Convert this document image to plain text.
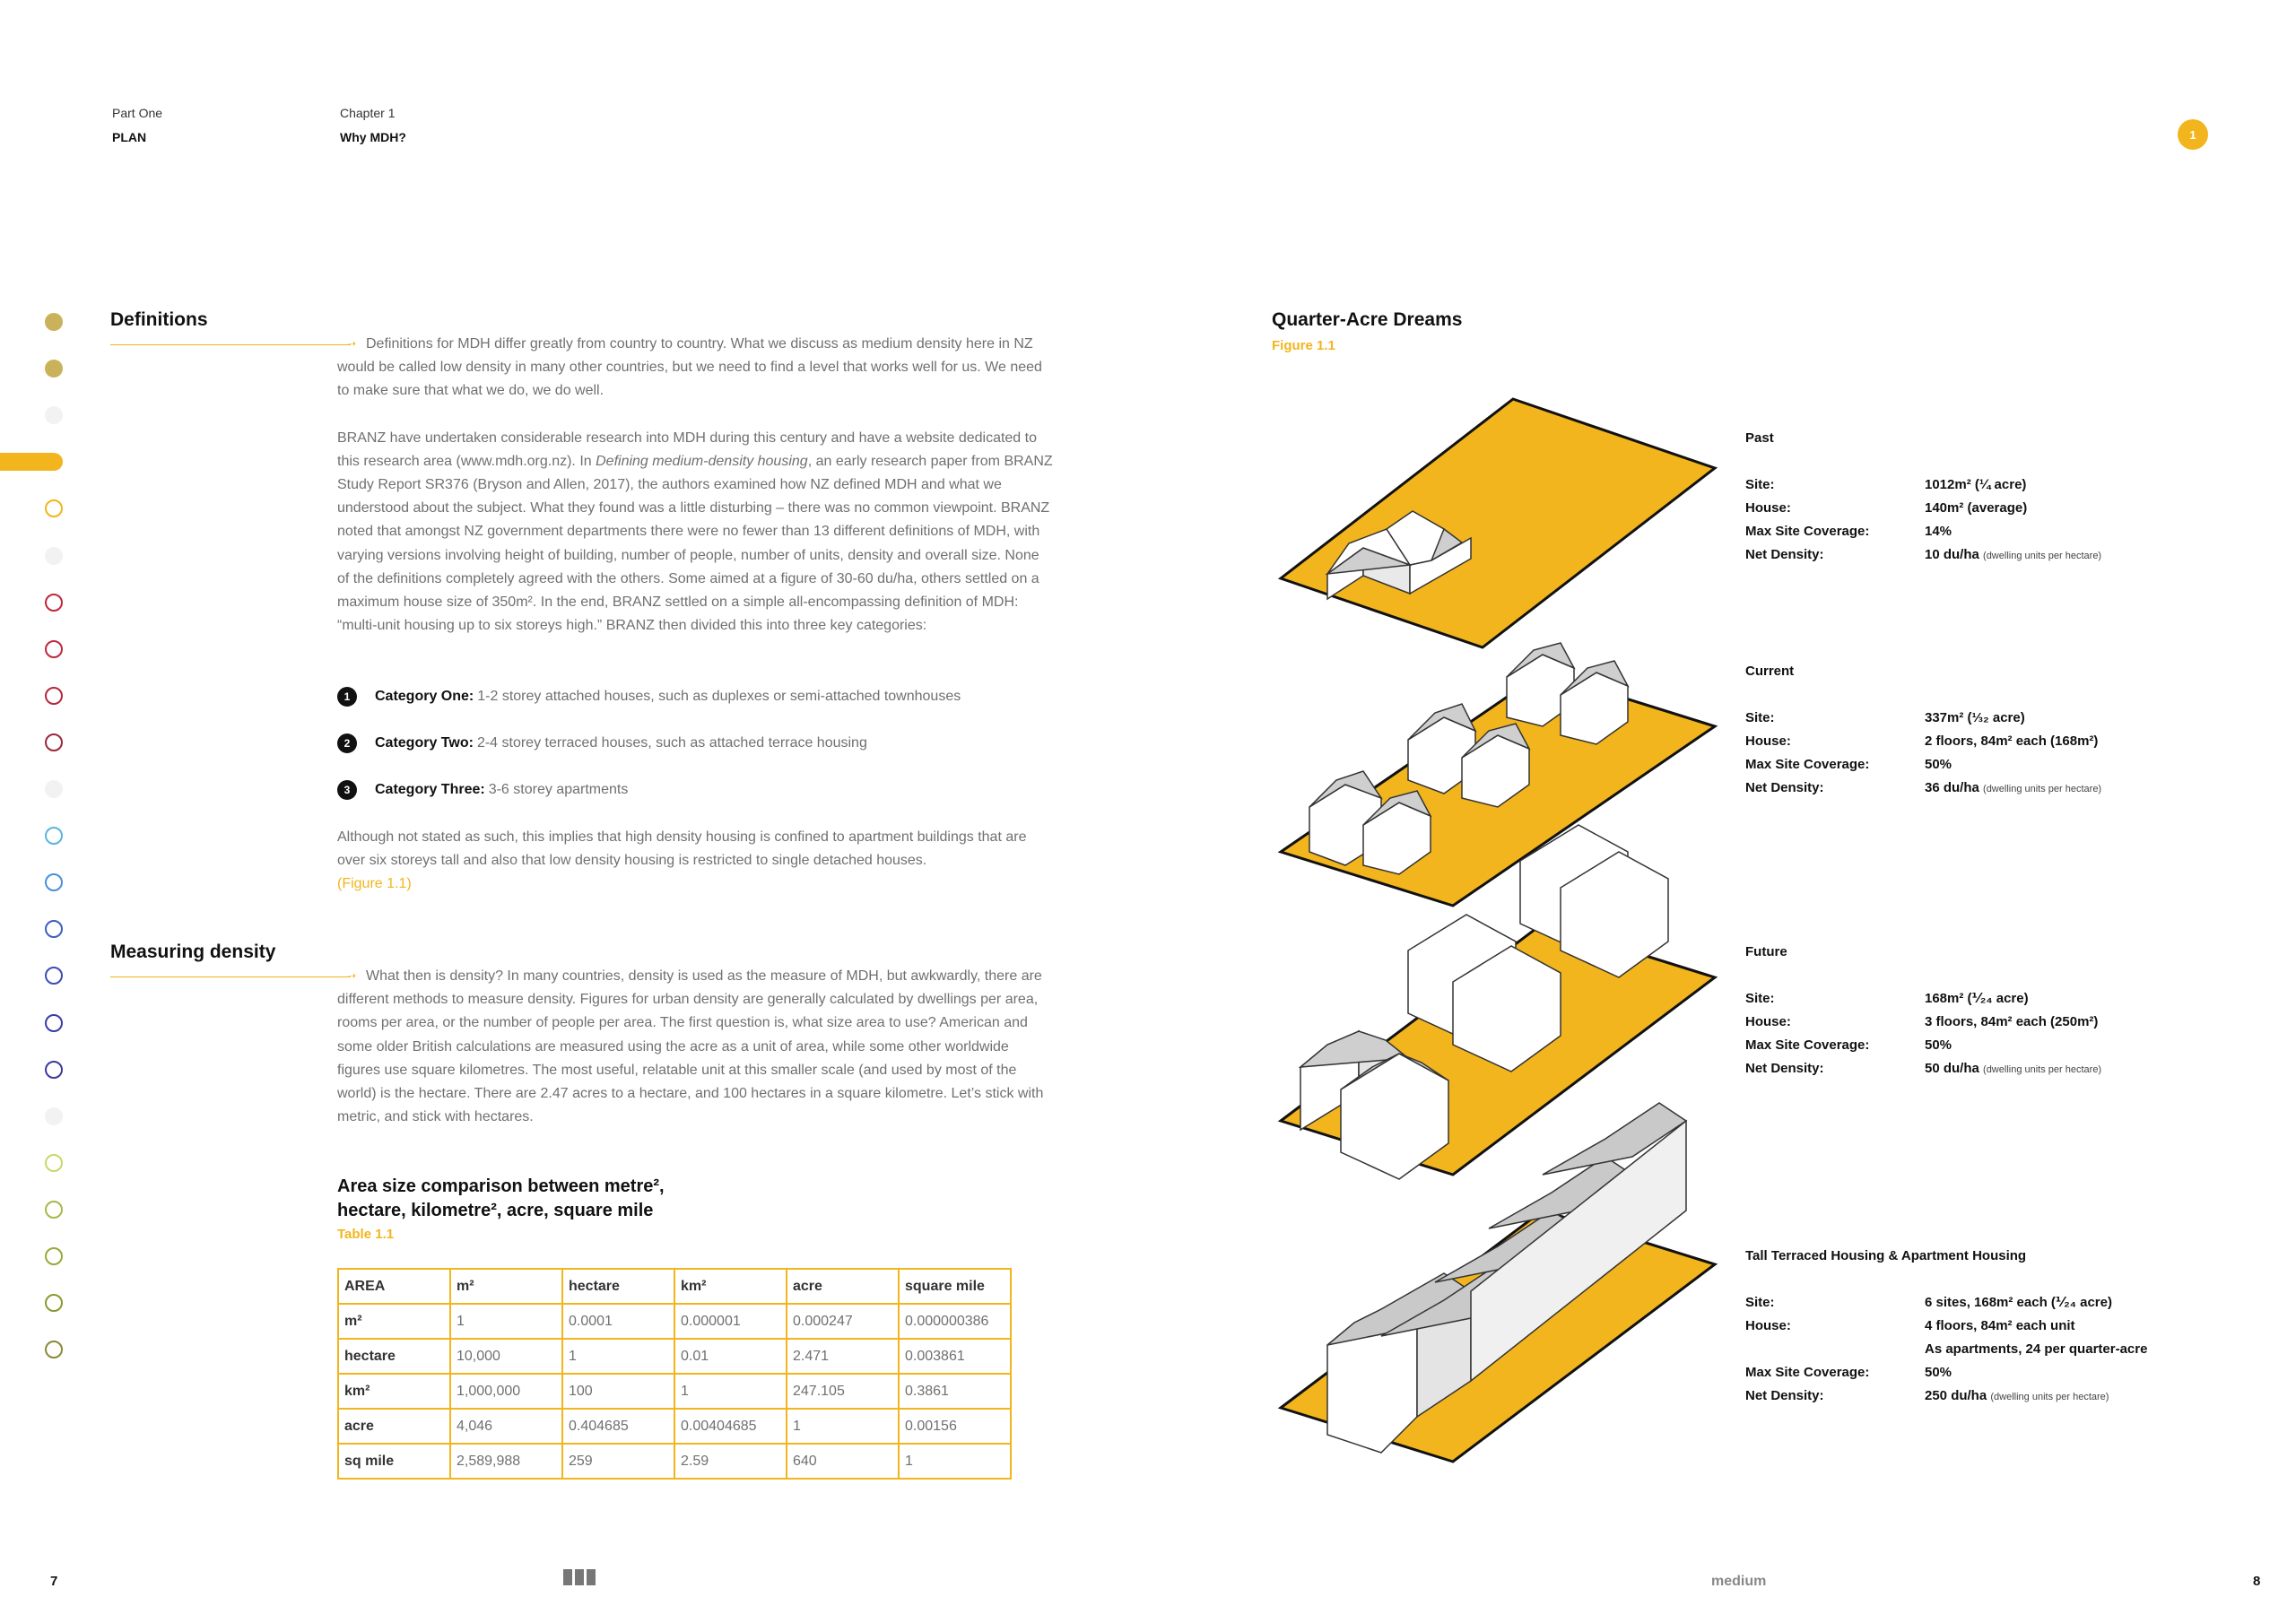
Part One
PLAN
Chapter 1
Why MDH?	1
Definitions
➝ Definitions for MDH differ greatly from country to country. What we discuss as medium density here in NZ would be called low density in many other countries, but we need to find a level that works well for us. We need to make sure that what we do, we do well.

BRANZ have undertaken considerable research into MDH during this century and have a website dedicated to this research area (www.mdh.org.nz). In Defining medium-density housing, an early research paper from BRANZ Study Report SR376 (Bryson and Allen, 2017), the authors examined how NZ defined MDH and what we understood about the subject. What they found was a little disturbing – there was no common viewpoint. BRANZ noted that amongst NZ government departments there were no fewer than 13 different definitions of MDH, with varying versions involving height of building, number of people, number of units, density and overall size. None of the definitions completely agreed with the others. Some aimed at a figure of 30-60 du/ha, others settled on a maximum house size of 350m². In the end, BRANZ settled on a simple all-encompassing definition of MDH: “multi-unit housing up to six storeys high.” BRANZ then divided this into three key categories:

1	Category One: 1-2 storey attached houses, such as duplexes or semi-attached townhouses
2	Category Two: 2-4 storey terraced houses, such as attached terrace housing
3	Category Three: 3-6 storey apartments
Although not stated as such, this implies that high density housing is confined to apartment buildings that are over six storeys tall and also that low density housing is restricted to single detached houses.
(Figure 1.1)
Measuring density
➝ What then is density? In many countries, density is used as the measure of MDH, but awkwardly, there are different methods to measure density. Figures for urban density are generally calculated by dwellings per area, rooms per area, or the number of people per area. The first question is, what size area to use? American and some older British calculations are measured using the acre as a unit of area, while some other worldwide figures use square kilometres. The most useful, relatable unit at this smaller scale (and used by most of the world) is the hectare. There are 2.47 acres to a hectare, and 100 hectares in a square kilometre. Let’s stick with metric, and stick with hectares.
Area size comparison between metre²,
hectare, kilometre², acre, square mile
Table 1.1
AREA	m²	hectare	km²	acre	square mile
m²	1	0.0001	0.000001	0.000247	0.000000386
hectare	10,000	1	0.01	2.471	0.003861
km²	1,000,000	100	1	247.105	0.3861
acre	4,046	0.404685	0.00404685	1	0.00156
sq mile	2,589,988	259	2.59	640	1
Quarter-Acre Dreams
Figure 1.1
Past
Site:	1012m² (¼ acre)
House:	140m² (average)
Max Site Coverage:	14%
Net Density:	10 du/ha (dwelling units per hectare)
Current
Site:	337m² (⅓₂ acre)
House:	2 floors, 84m² each (168m²)
Max Site Coverage:	50%
Net Density:	36 du/ha (dwelling units per hectare)
Future
Site:	168m² (⅟₂₄ acre)
House:	3 floors, 84m² each (250m²)
Max Site Coverage:	50%
Net Density:	50 du/ha (dwelling units per hectare)
Tall Terraced Housing & Apartment Housing
Site:	6 sites, 168m² each (⅟₂₄ acre)
House:	4 floors, 84m² each unit
As apartments, 24 per quarter-acre
Max Site Coverage:	50%
Net Density:	250 du/ha (dwelling units per hectare)
7	medium	8
